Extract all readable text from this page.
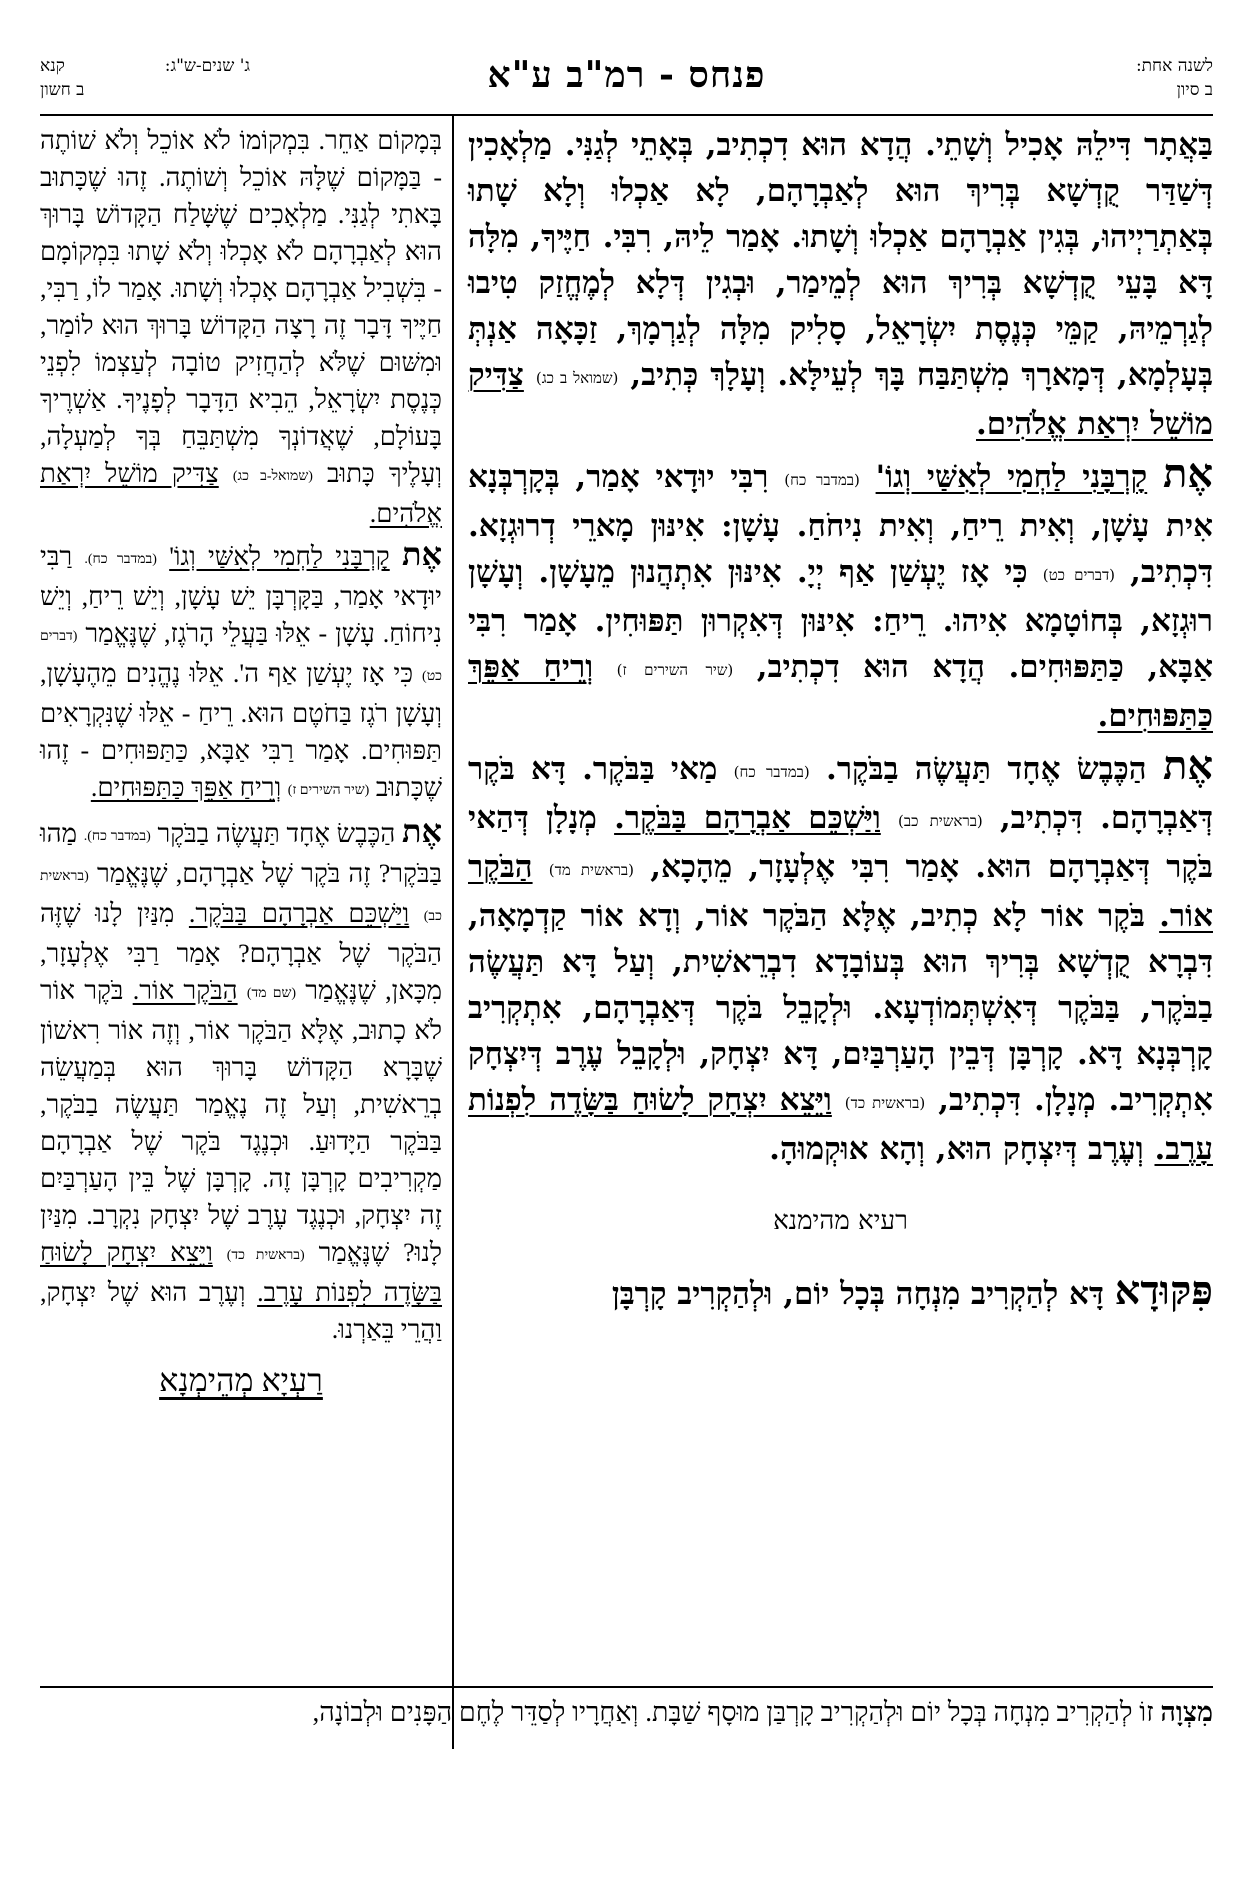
לשנה אחת:
ב סיון
פנחס - רמ"ב ע"א
ג' שנים-ש"ג:
קנא
ב חשון

בַּאֲתָר דִּילֵהּ אָכִיל וְשָׁתֵי. הֲדָא הוּא דִכְתִיב, בְּאָתֵי לְגַנִּי. מַלְאָכִין דְּשַׁדַּר קֻדְשָׁא בְּרִיךְ הוּא לְאַבְרָהָם, לָא אַכְלוּ וְלָא שָׁתוּ בְּאַתְרַיְיהוּ, בְּגִין אַבְרָהָם אַכְלוּ וְשָׁתוּ. אָמַר לֵיהּ, רִבִּי. חַיֶּיךָ, מִלָּה דָּא בָּעֵי קֻדְשָׁא בְּרִיךְ הוּא לְמֵימַר, וּבְגִין דְּלָא לְמֶחֱזַק טִיבוּ לְגַרְמֵיהּ, קַמֵּי כְּנֶסֶת יִשְׂרָאֵל, סָלִיק מִלָּה לְגַרְמָךְ, זַכָּאָה אַנְתְּ בְּעָלְמָא, דְּמָארָךְ מִשְׁתַּבַּח בָּךְ לְעֵילָּא. וְעָלָךְ כְּתִיב, (שמואל ב כג) צַדִּיק מוֹשֵׁל יִרְאַת אֱלֹהִים.

אֶת קָרְבָּנִי לַחְמִי לְאִשַּׁי וְגוֹ' (במדבר כח) רִבִּי יוּדָאי אָמַר, בְּקָרְבְּנָא אִית עָשָׁן, וְאִית רֵיחַ, וְאִית נִיחֹחַ. עָשָׁן: אִינּוּן מָארֵי דְרוּגְזָא. דִּכְתִיב, (דברים כט) כִּי אָז יֶעְשַׁן אַף יְיָ. אִינּוּן אִתְהֲנוּן מֵעָשָׁן. וְעָשָׁן רוּגְזָא, בְּחוֹטָמָא אִיהוּ. רֵיחַ: אִינּוּן דְּאִקְרוּן תַּפּוּחִין. אָמַר רִבִּי אַבָּא, כַּתַּפּוּחִים. הֲדָא הוּא דִכְתִיב, (שיר השירים ז) וְרֵיחַ אַפֵּךְ כַּתַּפּוּחִים.

אֶת הַכֶּבֶשׂ אֶחָד תַּעֲשֶׂה בַבֹּקֶר. (במדבר כח) מַאי בַּבֹּקֶר. דָּא בֹּקֶר דְּאַבְרָהָם. דִּכְתִיב, (בראשית כב) וַיַּשְׁכֵּם אַבְרָהָם בַּבֹּקֶר. מְנָלָן דְּהַאי בֹּקֶר דְּאַבְרָהָם הוּא. אָמַר רִבִּי אֶלְעָזָר, מֵהָכָא, (בראשית מד) הַבֹּקֶר אוֹר. בֹּקֶר אוֹר לָא כְתִיב, אֶלָּא הַבֹּקֶר אוֹר, וְדָא אוֹר קַדְמָאָה, דִּבְרָא קֻדְשָׁא בְּרִיךְ הוּא בְּעוֹבָדָא דִבְרֵאשִׁית, וְעַל דָּא תַּעֲשֶׂה בַבֹּקֶר, בַּבֹּקֶר דְּאִשְׁתְּמוֹדְעָא. וּלְקָבֵל בֹּקֶר דְּאַבְרָהָם, אִתְקְרִיב קָרְבְּנָא דָּא. קָרְבָּן דְּבֵין הָעַרְבַּיִם, דָּא יִצְחָק, וּלְקָבֵל עֶרֶב דְּיִצְחָק אִתְקְרִיב. מְנָלָן. דִּכְתִיב, (בראשית כד) וַיֵּצֵא יִצְחָק לָשׂוּחַ בַּשָּׂדֶה לִפְנוֹת עָרֶב. וְעֶרֶב דְּיִצְחָק הוּא, וְהָא אוּקְמוּהָ.

רעיא מהימנא

פִּקּוּדָא דָּא לְהַקְרִיב מִנְחָה בְּכָל יוֹם, וּלְהַקְרִיב קָרְבָּן

בְּמָקוֹם אַחֵר. בִּמְקוֹמוֹ לֹא אוֹכֵל וְלֹא שׁוֹתֶה - בַּמָּקוֹם שֶׁלָּהּ אוֹכֵל וְשׁוֹתֶה. זֶהוּ שֶׁכָּתוּב בָּאתִי לְגַנִּי. מַלְאָכִים שֶׁשָּׁלַח הַקָּדוֹשׁ בָּרוּךְ הוּא לְאַבְרָהָם לֹא אָכְלוּ וְלֹא שָׁתוּ בִּמְקוֹמָם - בִּשְׁבִיל אַבְרָהָם אָכְלוּ וְשָׁתוּ. אָמַר לוֹ, רַבִּי, חַיֶּיךָ דָּבָר זֶה רָצָה הַקָּדוֹשׁ בָּרוּךְ הוּא לוֹמַר, וּמִשּׁוּם שֶׁלֹּא לְהַחֲזִיק טוֹבָה לְעַצְמוֹ לִפְנֵי כְּנֶסֶת יִשְׂרָאֵל, הֵבִיא הַדָּבָר לְפָנֶיךָ. אַשְׁרֶיךָ בָּעוֹלָם, שֶׁאֲדוֹנְךָ מִשְׁתַּבֵּחַ בְּךָ לְמַעְלָה, וְעָלֶיךָ כָּתוּב (שמואל-ב כג) צַדִּיק מוֹשֵׁל יִרְאַת אֱלֹהִים.

אֶת קָרְבָּנִי לַחְמִי לְאִשַּׁי וְגוֹ' (במדבר כח). רַבִּי יוּדָאי אָמַר, בַּקָּרְבָּן יֵשׁ עָשָׁן, וְיֵשׁ רֵיחַ, וְיֵשׁ נִיחוֹחַ. עָשָׁן - אֵלּוּ בַּעֲלֵי הָרֹגֶז, שֶׁנֶּאֱמַר (דברים כט) כִּי אָז יֶעְשַׁן אַף ה'. אֵלּוּ נֶהֱנִים מֵהֶעָשָׁן, וְעָשָׁן רֹגֶז בַּחֹטֶם הוּא. רֵיחַ - אֵלּוּ שֶׁנִּקְרָאִים תַּפּוּחִים. אָמַר רַבִּי אַבָּא, כַּתַּפּוּחִים - זֶהוּ שֶׁכָּתוּב (שיר השירים ז) וְרֵיחַ אַפֵּךְ כַּתַּפּוּחִים.

אֶת הַכֶּבֶשׂ אֶחָד תַּעֲשֶׂה בַבֹּקֶר (במדבר כח). מַהוּ בַּבֹּקֶר? זֶה בֹּקֶר שֶׁל אַבְרָהָם, שֶׁנֶּאֱמַר (בראשית כב) וַיַּשְׁכֵּם אַבְרָהָם בַּבֹּקֶר. מִנַּיִן לָנוּ שֶׁזֶּה הַבֹּקֶר שֶׁל אַבְרָהָם? אָמַר רַבִּי אֶלְעָזָר, מִכָּאן, שֶׁנֶּאֱמַר (שם מד) הַבֹּקֶר אוֹר. בֹּקֶר אוֹר לֹא כָתוּב, אֶלָּא הַבֹּקֶר אוֹר, וְזֶה אוֹר רִאשׁוֹן שֶׁבָּרָא הַקָּדוֹשׁ בָּרוּךְ הוּא בְּמַעֲשֵׂה בְרֵאשִׁית, וְעַל זֶה נֶאֱמַר תַּעֲשֶׂה בַבֹּקֶר, בַּבֹּקֶר הַיָּדוּעַ. וּכְנֶגֶד בֹּקֶר שֶׁל אַבְרָהָם מַקְרִיבִים קָרְבָּן זֶה. קָרְבָּן שֶׁל בֵּין הָעַרְבַּיִם זֶה יִצְחָק, וּכְנֶגֶד עֶרֶב שֶׁל יִצְחָק נִקְרָב. מִנַּיִן לָנוּ? שֶׁנֶּאֱמַר (בראשית כד) וַיֵּצֵא יִצְחָק לָשׂוּחַ בַּשָּׂדֶה לִפְנוֹת עָרֶב. וְעֶרֶב הוּא שֶׁל יִצְחָק, וַהֲרֵי בֵּאַרְנוּ.

רַעְיָא מְהֵימְנָא
מִצְוָה זוֹ לְהַקְרִיב מִנְחָה בְּכָל יוֹם וּלְהַקְרִיב קָרְבַּן מוּסָף שַׁבָּת. וְאַחֲרָיו לְסַדֵּר לֶחֶם הַפָּנִים וּלְבוֹנָה,
